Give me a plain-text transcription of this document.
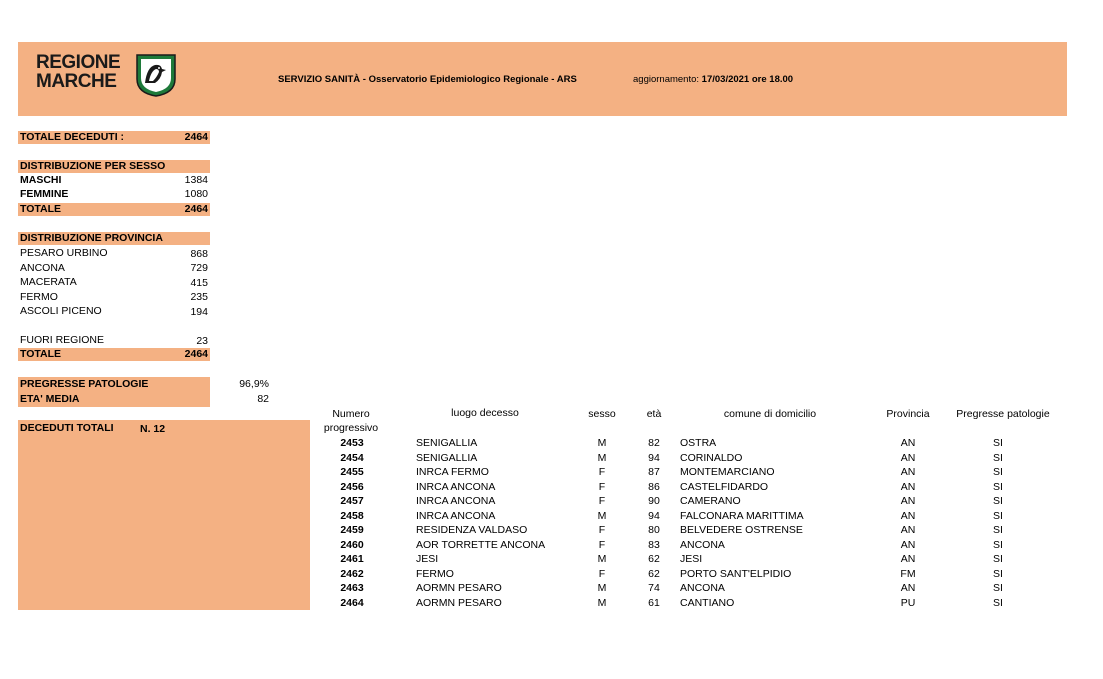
REGIONE
MARCHE	SERVIZIO SANITÀ - Osservatorio Epidemiologico Regionale - ARS	aggiornamento: 17/03/2021 ore 18.00
TOTALE DECEDUTI :	2464
DISTRIBUZIONE PER SESSO
MASCHI	1384
FEMMINE	1080
TOTALE	2464
DISTRIBUZIONE PROVINCIA
PESARO URBINO	868
ANCONA	729
MACERATA	415
FERMO	235
ASCOLI PICENO	194
FUORI REGIONE	23
TOTALE	2464
PREGRESSE PATOLOGIE	96,9%
ETA' MEDIA	82
DECEDUTI TOTALI	N. 12
Numero
progressivo
luogo decesso	sesso	età	comune di domicilio	Provincia	Pregresse patologie
2453	SENIGALLIA	M	82	OSTRA	AN	SI
2454	SENIGALLIA	M	94	CORINALDO	AN	SI
2455	INRCA FERMO	F	87	MONTEMARCIANO	AN	SI
2456	INRCA ANCONA	F	86	CASTELFIDARDO	AN	SI
2457	INRCA ANCONA	F	90	CAMERANO	AN	SI
2458	INRCA ANCONA	M	94	FALCONARA MARITTIMA	AN	SI
2459	RESIDENZA VALDASO	F	80	BELVEDERE OSTRENSE	AN	SI
2460	AOR TORRETTE ANCONA	F	83	ANCONA	AN	SI
2461	JESI	M	62	JESI	AN	SI
2462	FERMO	F	62	PORTO SANT'ELPIDIO	FM	SI
2463	AORMN PESARO	M	74	ANCONA	AN	SI
2464	AORMN PESARO	M	61	CANTIANO	PU	SI
